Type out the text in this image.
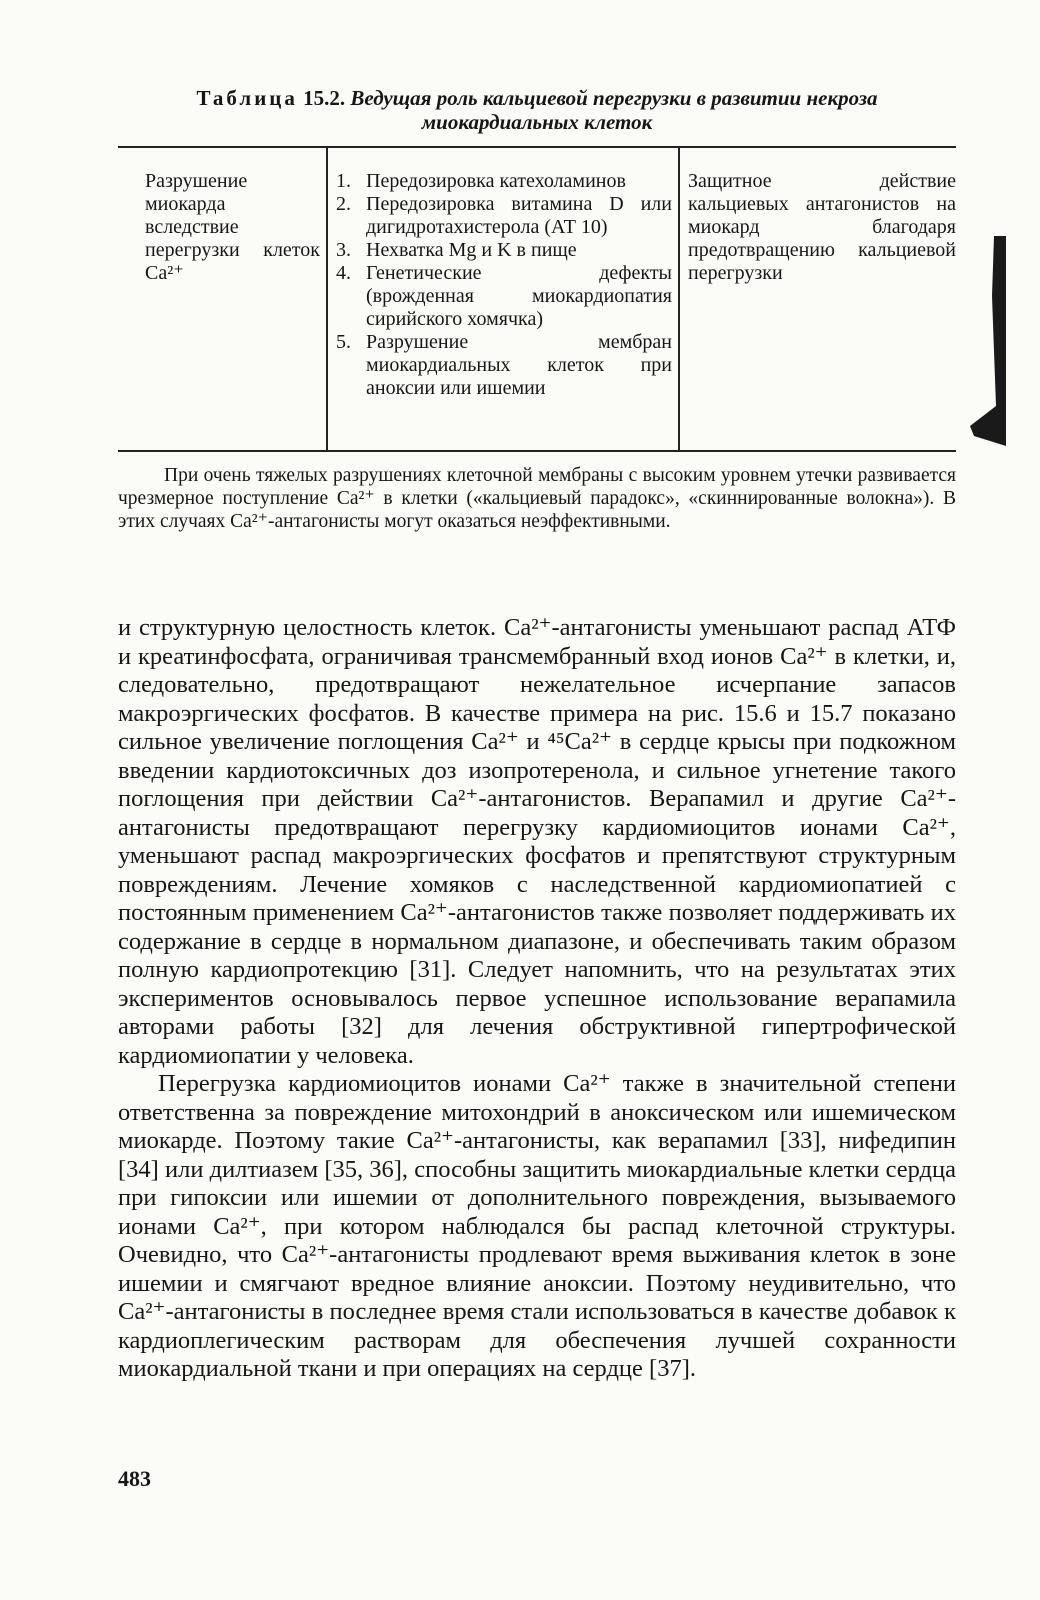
Таблица 15.2. Ведущая роль кальциевой перегрузки в развитии некроза миокардиальных клеток
Разрушение миокарда вследствие перегрузки клеток Ca²⁺
1. Передозировка катехоламинов
2. Передозировка витамина D или дигидротахистерола (АТ 10)
3. Нехватка Mg и K в пище
4. Генетические дефекты (врожденная миокардиопатия сирийского хомячка)
5. Разрушение мембран миокардиальных клеток при аноксии или ишемии
Защитное действие кальциевых антагонистов на миокард благодаря предотвращению кальциевой перегрузки
При очень тяжелых разрушениях клеточной мембраны с высоким уровнем утечки развивается чрезмерное поступление Ca²⁺ в клетки («кальциевый парадокс», «скиннированные волокна»). В этих случаях Ca²⁺-антагонисты могут оказаться неэффективными.

и структурную целостность клеток. Ca²⁺-антагонисты уменьшают распад АТФ и креатинфосфата, ограничивая трансмембранный вход ионов Ca²⁺ в клетки, и, следовательно, предотвращают нежелательное исчерпание запасов макроэргических фосфатов. В качестве примера на рис. 15.6 и 15.7 показано сильное увеличение поглощения Ca²⁺ и ⁴⁵Ca²⁺ в сердце крысы при подкожном введении кардиотоксичных доз изопротеренола, и сильное угнетение такого поглощения при действии Ca²⁺-антагонистов. Верапамил и другие Ca²⁺-антагонисты предотвращают перегрузку кардиомиоцитов ионами Ca²⁺, уменьшают распад макроэргических фосфатов и препятствуют структурным повреждениям. Лечение хомяков с наследственной кардиомиопатией с постоянным применением Ca²⁺-антагонистов также позволяет поддерживать их содержание в сердце в нормальном диапазоне, и обеспечивать таким образом полную кардиопротекцию [31]. Следует напомнить, что на результатах этих экспериментов основывалось первое успешное использование верапамила авторами работы [32] для лечения обструктивной гипертрофической кардиомиопатии у человека.

Перегрузка кардиомиоцитов ионами Ca²⁺ также в значительной степени ответственна за повреждение митохондрий в аноксическом или ишемическом миокарде. Поэтому такие Ca²⁺-антагонисты, как верапамил [33], нифедипин [34] или дилтиазем [35, 36], способны защитить миокардиальные клетки сердца при гипоксии или ишемии от дополнительного повреждения, вызываемого ионами Ca²⁺, при котором наблюдался бы распад клеточной структуры. Очевидно, что Ca²⁺-антагонисты продлевают время выживания клеток в зоне ишемии и смягчают вредное влияние аноксии. Поэтому неудивительно, что Ca²⁺-антагонисты в последнее время стали использоваться в качестве добавок к кардиоплегическим растворам для обеспечения лучшей сохранности миокардиальной ткани и при операциях на сердце [37].

483
